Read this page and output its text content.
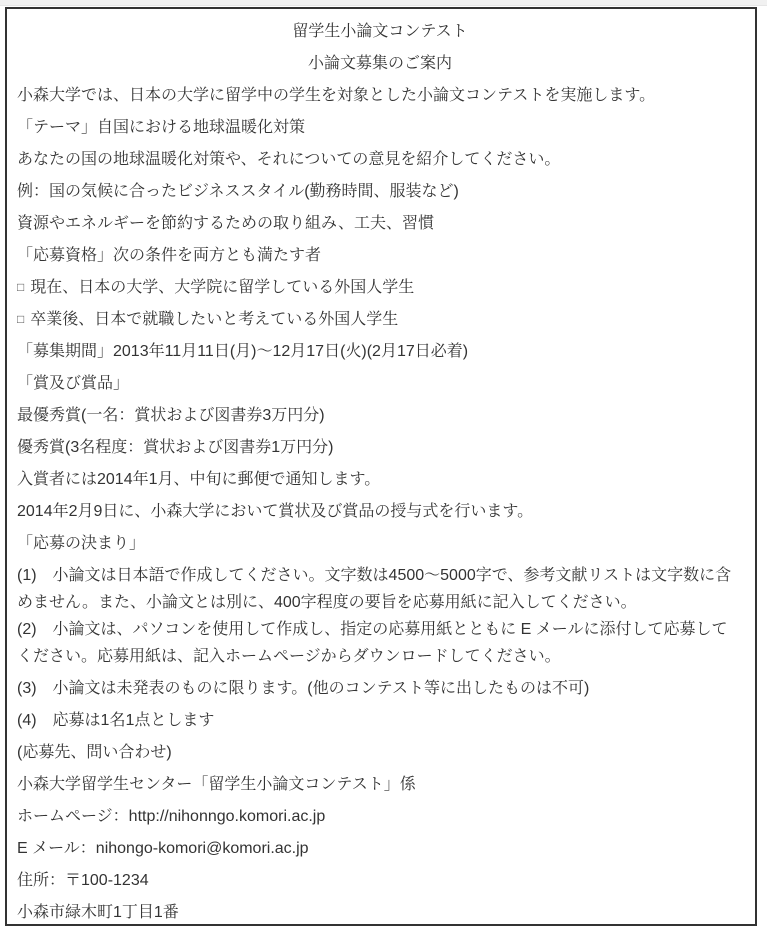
留学生小論文コンテスト

小論文募集のご案内

小森大学では、日本の大学に留学中の学生を対象とした小論文コンテストを実施します。

「テーマ」自国における地球温暖化対策

あなたの国の地球温暖化対策や、それについての意見を紹介してください。

例：国の気候に合ったビジネススタイル(勤務時間、服装など)

資源やエネルギーを節約するための取り組み、工夫、習慣

「応募資格」次の条件を両方とも満たす者

□ 現在、日本の大学、大学院に留学している外国人学生

□ 卒業後、日本で就職したいと考えている外国人学生

「募集期間」2013年11月11日(月)～12月17日(火)(2月17日必着)

「賞及び賞品」

最優秀賞(一名：賞状および図書券3万円分)

優秀賞(3名程度：賞状および図書券1万円分)

入賞者には2014年1月、中旬に郵便で通知します。

2014年2月9日に、小森大学において賞状及び賞品の授与式を行います。

「応募の決まり」

(1)　小論文は日本語で作成してください。文字数は4500～5000字で、参考文献リストは文字数に含めません。また、小論文とは別に、400字程度の要旨を応募用紙に記入してください。
(2)　小論文は、パソコンを使用して作成し、指定の応募用紙とともに E メールに添付して応募してください。応募用紙は、記入ホームページからダウンロードしてください。

(3)　小論文は未発表のものに限ります。(他のコンテスト等に出したものは不可)

(4)　応募は1名1点とします

(応募先、問い合わせ)

小森大学留学生センター「留学生小論文コンテスト」係

ホームページ：http://nihonngo.komori.ac.jp

E メール：nihongo-komori@komori.ac.jp

住所：〒100-1234

小森市緑木町1丁目1番
